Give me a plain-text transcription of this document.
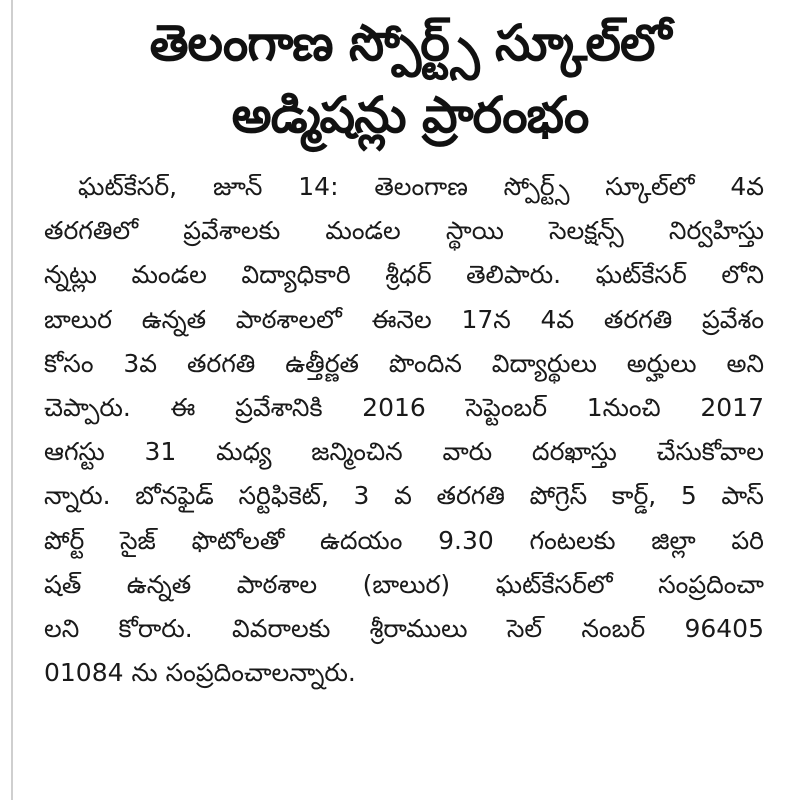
తెలంగాణ స్పోర్ట్స్ స్కూల్‌లో
అడ్మిషన్లు ప్రారంభం
ఘట్‌కేసర్, జూన్ 14: తెలంగాణ స్పోర్ట్స్ స్కూల్‌లో 4వ
తరగతిలో ప్రవేశాలకు మండల స్థాయి సెలక్షన్స్ నిర్వహిస్తు
న్నట్లు మండల విద్యాధికారి శ్రీధర్ తెలిపారు. ఘట్‌కేసర్ లోని
బాలుర ఉన్నత పాఠశాలలో ఈనెల 17న 4వ తరగతి ప్రవేశం
కోసం 3వ తరగతి ఉత్తీర్ణత పొందిన విద్యార్థులు అర్హులు అని
చెప్పారు. ఈ ప్రవేశానికి 2016 సెప్టెంబర్ 1నుంచి 2017
ఆగస్టు 31 మధ్య జన్మించిన వారు దరఖాస్తు చేసుకోవాల
న్నారు. బోనఫైడ్ సర్టిఫికెట్, 3 వ తరగతి పోగ్రెస్ కార్డ్, 5 పాస్
పోర్ట్ సైజ్ ఫొటోలతో ఉదయం 9.30 గంటలకు జిల్లా పరి
షత్ ఉన్నత పాఠశాల (బాలుర) ఘట్‌కేసర్‌లో సంప్రదించా
లని కోరారు. వివరాలకు శ్రీరాములు సెల్ నంబర్ 96405
01084 ను సంప్రదించాలన్నారు.
